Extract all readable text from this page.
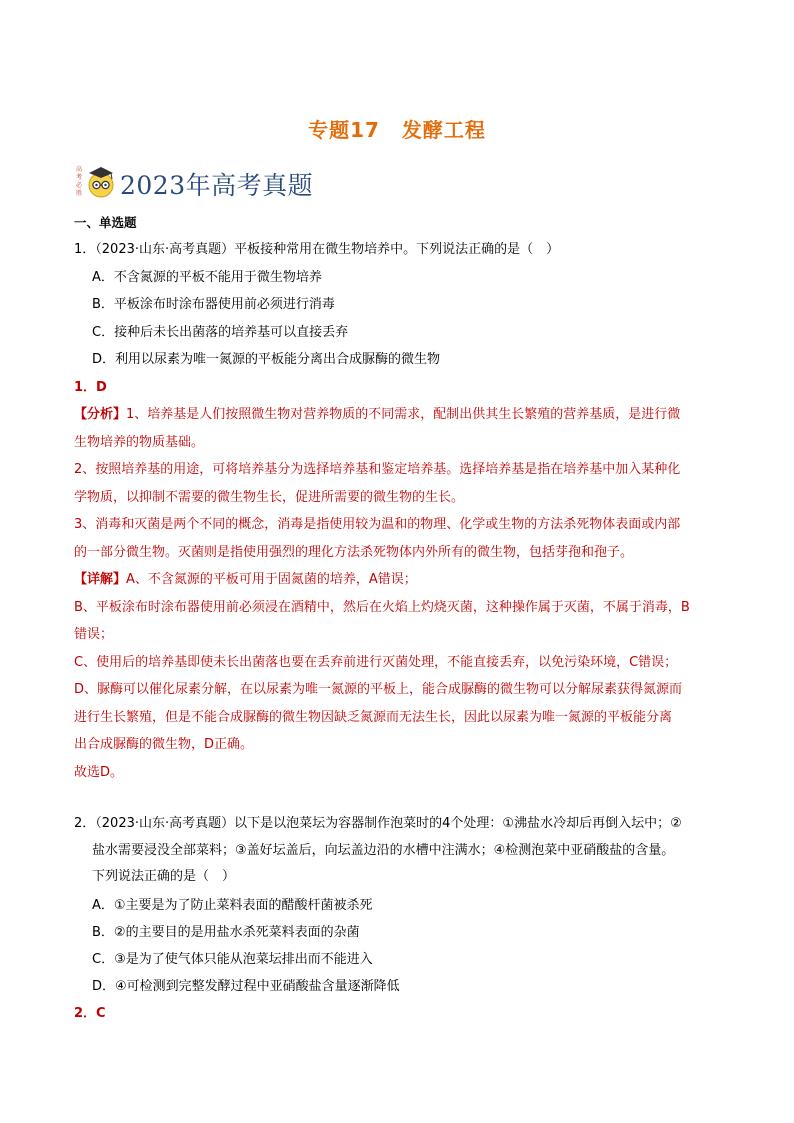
专题17 发酵工程
高
考
必
胜 2023年高考真题
一、单选题
1．（2023·山东·高考真题）平板接种常用在微生物培养中。下列说法正确的是（　）
A．不含氮源的平板不能用于微生物培养
B．平板涂布时涂布器使用前必须进行消毒
C．接种后未长出菌落的培养基可以直接丢弃
D．利用以尿素为唯一氮源的平板能分离出合成脲酶的微生物
1．D
【分析】1、培养基是人们按照微生物对营养物质的不同需求，配制出供其生长繁殖的营养基质，是进行微
生物培养的物质基础。
2、按照培养基的用途，可将培养基分为选择培养基和鉴定培养基。选择培养基是指在培养基中加入某种化
学物质，以抑制不需要的微生物生长，促进所需要的微生物的生长。
3、消毒和灭菌是两个不同的概念，消毒是指使用较为温和的物理、化学或生物的方法杀死物体表面或内部
的一部分微生物。灭菌则是指使用强烈的理化方法杀死物体内外所有的微生物，包括芽孢和孢子。
【详解】A、不含氮源的平板可用于固氮菌的培养，A错误；
B、平板涂布时涂布器使用前必须浸在酒精中，然后在火焰上灼烧灭菌，这种操作属于灭菌，不属于消毒，B
错误；
C、使用后的培养基即使未长出菌落也要在丢弃前进行灭菌处理，不能直接丢弃，以免污染环境，C错误；
D、脲酶可以催化尿素分解，在以尿素为唯一氮源的平板上，能合成脲酶的微生物可以分解尿素获得氮源而
进行生长繁殖，但是不能合成脲酶的微生物因缺乏氮源而无法生长，因此以尿素为唯一氮源的平板能分离
出合成脲酶的微生物，D正确。
故选D。
2．（2023·山东·高考真题）以下是以泡菜坛为容器制作泡菜时的4个处理：①沸盐水冷却后再倒入坛中；②
盐水需要浸没全部菜料；③盖好坛盖后，向坛盖边沿的水槽中注满水；④检测泡菜中亚硝酸盐的含量。
下列说法正确的是（　）
A．①主要是为了防止菜料表面的醋酸杆菌被杀死
B．②的主要目的是用盐水杀死菜料表面的杂菌
C．③是为了使气体只能从泡菜坛排出而不能进入
D．④可检测到完整发酵过程中亚硝酸盐含量逐渐降低
2．C
